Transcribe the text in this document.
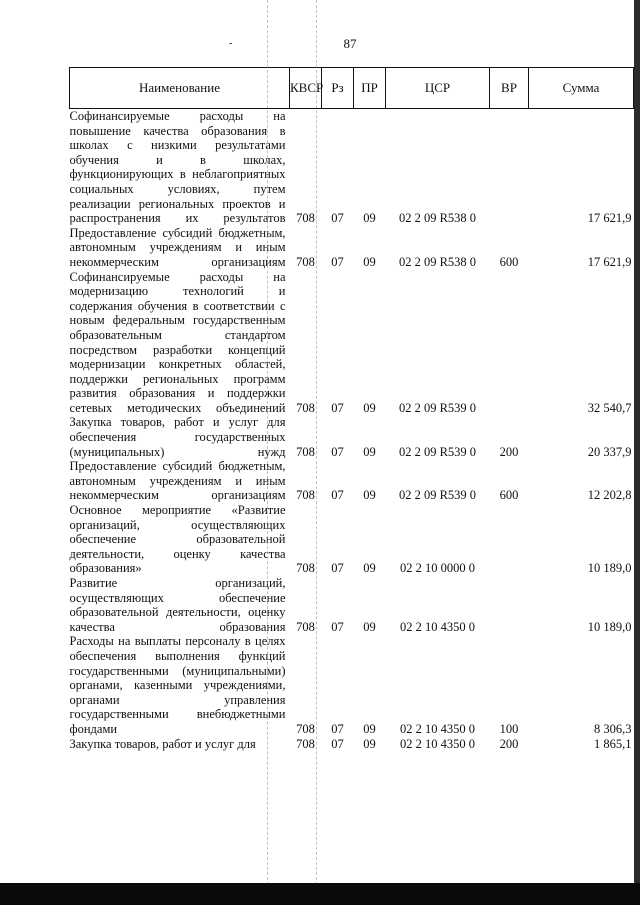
87
-
Наименование	КВСР	Рз	ПР	ЦСР	ВР	Сумма
Софинансируемые расходы на повышение качества образования в школах с низкими результатами обучения и в школах, функционирующих в неблагоприятных социальных условиях, путем реализации региональных проектов и распространения их результатов	708	07	09	02 2 09 R538 0		17 621,9
Предоставление субсидий бюджетным, автономным учреждениям и иным некоммерческим организациям	708	07	09	02 2 09 R538 0	600	17 621,9
Софинансируемые расходы на модернизацию технологий и содержания обучения в соответствии с новым федеральным государственным образовательным стандартом посредством разработки концепций модернизации конкретных областей, поддержки региональных программ развития образования и поддержки сетевых методических объединений	708	07	09	02 2 09 R539 0		32 540,7
Закупка товаров, работ и услуг для обеспечения государственных (муниципальных) нужд	708	07	09	02 2 09 R539 0	200	20 337,9
Предоставление субсидий бюджетным, автономным учреждениям и иным некоммерческим организациям	708	07	09	02 2 09 R539 0	600	12 202,8
Основное мероприятие «Развитие организаций, осуществляющих обеспечение образовательной деятельности, оценку качества образования»	708	07	09	02 2 10 0000 0		10 189,0
Развитие организаций, осуществляющих обеспечение образовательной деятельности, оценку качества образования	708	07	09	02 2 10 4350 0		10 189,0
Расходы на выплаты персоналу в целях обеспечения выполнения функций государственными (муниципальными) органами, казенными учреждениями, органами управления государственными внебюджетными фондами	708	07	09	02 2 10 4350 0	100	8 306,3
Закупка товаров, работ и услуг для	708	07	09	02 2 10 4350 0	200	1 865,1
